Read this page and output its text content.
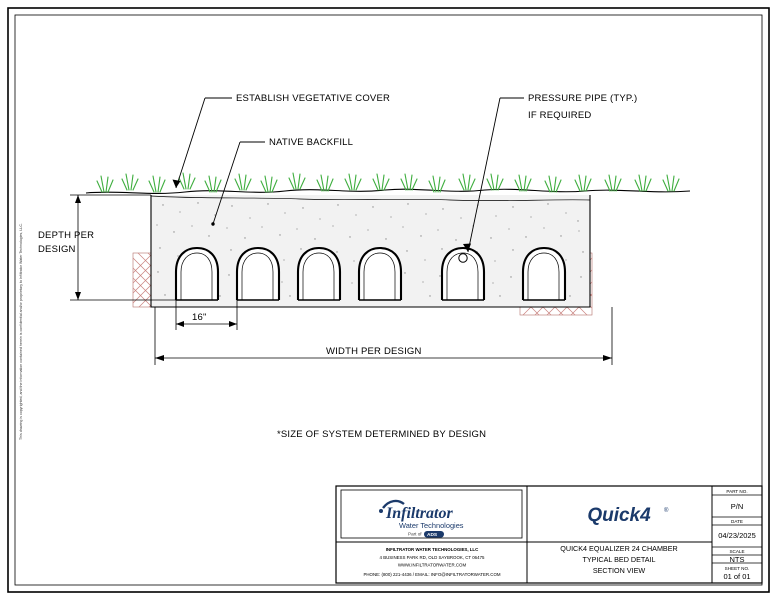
This drawing is copyrighted, and the information contained herein is confidential and/or proprietary to Infiltrator Water Technologies, LLC.
ESTABLISH VEGETATIVE COVER
NATIVE BACKFILL
PRESSURE PIPE (TYP.)
IF REQUIRED
DEPTH PER
DESIGN
16"
WIDTH PER DESIGN
*SIZE OF SYSTEM DETERMINED BY DESIGN
Infiltrator
Water Technologies
Part of ADS
INFILTRATOR WATER TECHNOLOGIES, LLC
4 BUSINESS PARK RD, OLD SAYBROOK, CT 06475
WWW.INFILTRATORWATER.COM
PHONE: (800) 221-4436 / EMAIL: INFO@INFILTRATORWATER.COM
Quick4 ®
QUICK4 EQUALIZER 24 CHAMBER
TYPICAL BED DETAIL
SECTION VIEW
PART NO.
P/N
DATE
04/23/2025
SCALE
NTS
SHEET NO.
01 of 01
